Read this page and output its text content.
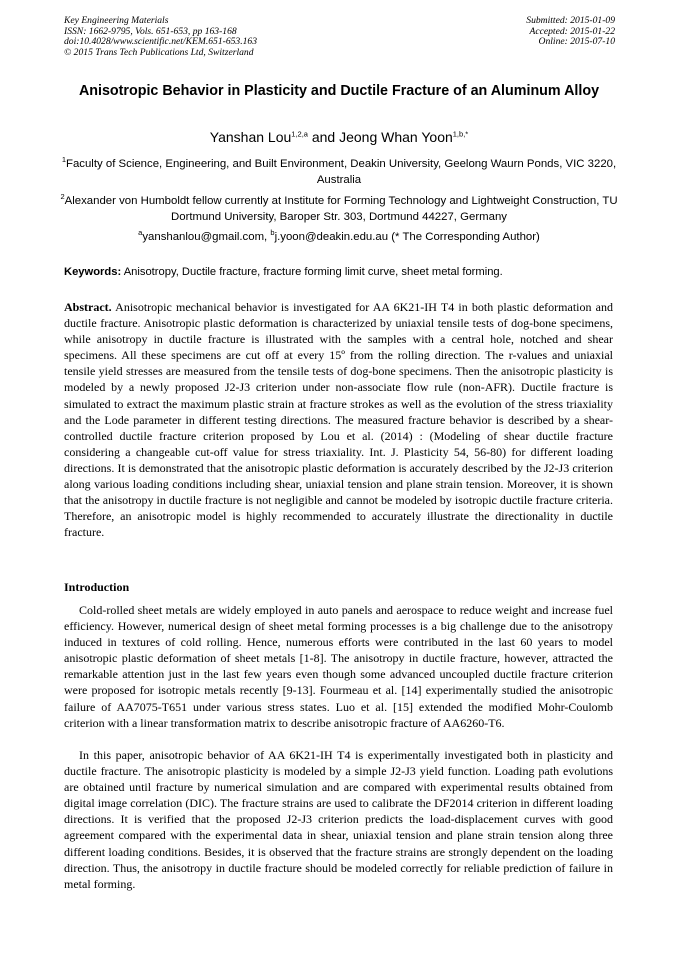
Key Engineering Materials
ISSN: 1662-9795, Vols. 651-653, pp 163-168
doi:10.4028/www.scientific.net/KEM.651-653.163
© 2015 Trans Tech Publications Ltd, Switzerland
Submitted: 2015-01-09
Accepted: 2015-01-22
Online: 2015-07-10
Anisotropic Behavior in Plasticity and Ductile Fracture of an Aluminum Alloy
Yanshan Lou$^{1,2,a}$ and Jeong Whan Yoon$^{1,b,*}$
$^1$Faculty of Science, Engineering, and Built Environment, Deakin University, Geelong Waurn Ponds, VIC 3220, Australia
$^2$Alexander von Humboldt fellow currently at Institute for Forming Technology and Lightweight Construction, TU Dortmund University, Baroper Str. 303, Dortmund 44227, Germany
$^a$yanshanlou@gmail.com, $^b$j.yoon@deakin.edu.au (* The Corresponding Author)
Keywords: Anisotropy, Ductile fracture, fracture forming limit curve, sheet metal forming.
Abstract. Anisotropic mechanical behavior is investigated for AA 6K21-IH T4 in both plastic deformation and ductile fracture. Anisotropic plastic deformation is characterized by uniaxial tensile tests of dog-bone specimens, while anisotropy in ductile fracture is illustrated with the samples with a central hole, notched and shear specimens. All these specimens are cut off at every 15º from the rolling direction. The r-values and uniaxial tensile yield stresses are measured from the tensile tests of dog-bone specimens. Then the anisotropic plasticity is modeled by a newly proposed J2-J3 criterion under non-associate flow rule (non-AFR). Ductile fracture is simulated to extract the maximum plastic strain at fracture strokes as well as the evolution of the stress triaxiality and the Lode parameter in different testing directions. The measured fracture behavior is described by a shear-controlled ductile fracture criterion proposed by Lou et al. (2014) : (Modeling of shear ductile fracture considering a changeable cut-off value for stress triaxiality. Int. J. Plasticity 54, 56-80) for different loading directions. It is demonstrated that the anisotropic plastic deformation is accurately described by the J2-J3 criterion along various loading conditions including shear, uniaxial tension and plane strain tension. Moreover, it is shown that the anisotropy in ductile fracture is not negligible and cannot be modeled by isotropic ductile fracture criteria. Therefore, an anisotropic model is highly recommended to accurately illustrate the directionality in ductile fracture.
Introduction
Cold-rolled sheet metals are widely employed in auto panels and aerospace to reduce weight and increase fuel efficiency. However, numerical design of sheet metal forming processes is a big challenge due to the anisotropy induced in textures of cold rolling. Hence, numerous efforts were contributed in the last 60 years to model anisotropic plastic deformation of sheet metals [1-8]. The anisotropy in ductile fracture, however, attracted the remarkable attention just in the last few years even though some advanced uncoupled ductile fracture criterion were proposed for isotropic metals recently [9-13]. Fourmeau et al. [14] experimentally studied the anisotropic failure of AA7075-T651 under various stress states. Luo et al. [15] extended the modified Mohr-Coulomb criterion with a linear transformation matrix to describe anisotropic fracture of AA6260-T6.
In this paper, anisotropic behavior of AA 6K21-IH T4 is experimentally investigated both in plasticity and ductile fracture. The anisotropic plasticity is modeled by a simple J2-J3 yield function. Loading path evolutions are obtained until fracture by numerical simulation and are compared with experimental results obtained from digital image correlation (DIC). The fracture strains are used to calibrate the DF2014 criterion in different loading directions. It is verified that the proposed J2-J3 criterion predicts the load-displacement curves with good agreement compared with the experimental data in shear, uniaxial tension and plane strain tension along three different loading conditions. Besides, it is observed that the fracture strains are strongly dependent on the loading direction. Thus, the anisotropy in ductile fracture should be modeled correctly for reliable prediction of failure in metal forming.
